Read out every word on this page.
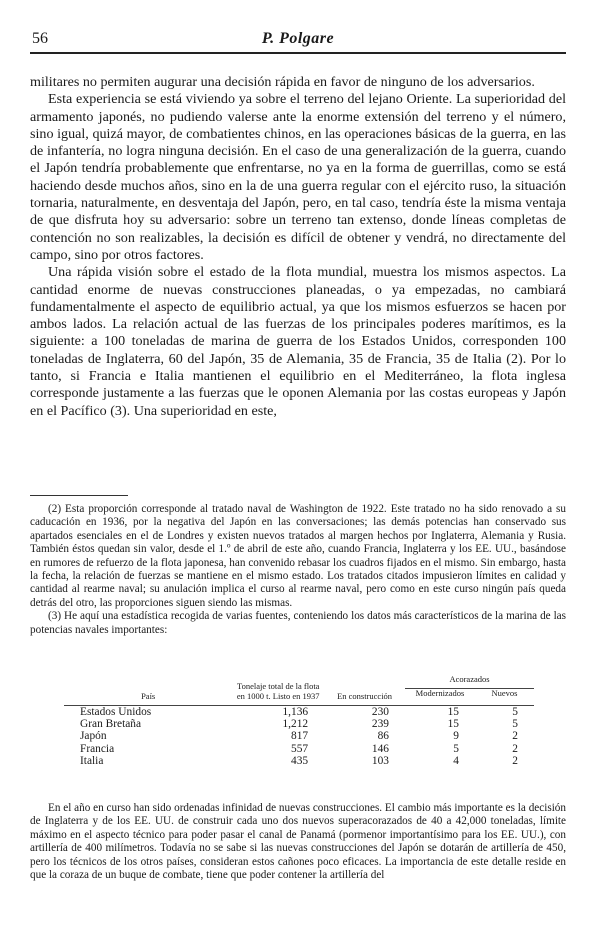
56	P. Polgare

militares no permiten augurar una decisión rápida en favor de ninguno de los adversarios.

Esta experiencia se está viviendo ya sobre el terreno del lejano Oriente. La superioridad del armamento japonés, no pudiendo valerse ante la enorme extensión del terreno y el número, sino igual, quizá mayor, de combatientes chinos, en las operaciones básicas de la guerra, en las de infantería, no logra ninguna decisión. En el caso de una generalización de la guerra, cuando el Japón tendría probablemente que enfrentarse, no ya en la forma de guerrillas, como se está haciendo desde muchos años, sino en la de una guerra regular con el ejército ruso, la situación tornaria, naturalmente, en desventaja del Japón, pero, en tal caso, tendría éste la misma ventaja de que disfruta hoy su adversario: sobre un terreno tan extenso, donde líneas completas de contención no son realizables, la decisión es difícil de obtener y vendrá, no directamente del campo, sino por otros factores.

Una rápida visión sobre el estado de la flota mundial, muestra los mismos aspectos. La cantidad enorme de nuevas construcciones planeadas, o ya empezadas, no cambiará fundamentalmente el aspecto de equilibrio actual, ya que los mismos esfuerzos se hacen por ambos lados. La relación actual de las fuerzas de los principales poderes marítimos, es la siguiente: a 100 toneladas de marina de guerra de los Estados Unidos, corresponden 100 toneladas de Inglaterra, 60 del Japón, 35 de Alemania, 35 de Francia, 35 de Italia (2). Por lo tanto, si Francia e Italia mantienen el equilibrio en el Mediterráneo, la flota inglesa corresponde justamente a las fuerzas que le oponen Alemania por las costas europeas y Japón en el Pacífico (3). Una superioridad en este,

(2) Esta proporción corresponde al tratado naval de Washington de 1922. Este tratado no ha sido renovado a su caducación en 1936, por la negativa del Japón en las conversaciones; las demás potencias han conservado sus apartados esenciales en el de Londres y existen nuevos tratados al margen hechos por Inglaterra, Alemania y Rusia. También éstos quedan sin valor, desde el 1.º de abril de este año, cuando Francia, Inglaterra y los EE. UU., basándose en rumores de refuerzo de la flota japonesa, han convenido rebasar los cuadros fijados en el mismo. Sin embargo, hasta la fecha, la relación de fuerzas se mantiene en el mismo estado. Los tratados citados impusieron límites en calidad y cantidad al rearme naval; su anulación implica el curso al rearme naval, pero como en este curso ningún país queda detrás del otro, las proporciones siguen siendo las mismas.

(3) He aquí una estadística recogida de varias fuentes, conteniendo los datos más característicos de la marina de las potencias navales importantes:

País	Tonelaje total de la flota en 1000 t. Listo en 1937	En construcción	Acorazados	
			Modernizados	Nuevos
Estados Unidos	1,136	230	15	5
Gran Bretaña	1,212	239	15	5
Japón	817	86	9	2
Francia	557	146	5	2
Italia	435	103	4	2

En el año en curso han sido ordenadas infinidad de nuevas construcciones. El cambio más importante es la decisión de Inglaterra y de los EE. UU. de construir cada uno dos nuevos superacorazados de 40 a 42,000 toneladas, límite máximo en el aspecto técnico para poder pasar el canal de Panamá (pormenor importantísimo para los EE. UU.), con artillería de 400 milímetros. Todavía no se sabe si las nuevas construcciones del Japón se dotarán de artillería de 450, pero los técnicos de los otros países, consideran estos cañones poco eficaces. La importancia de este detalle reside en que la coraza de un buque de combate, tiene que poder contener la artillería del
